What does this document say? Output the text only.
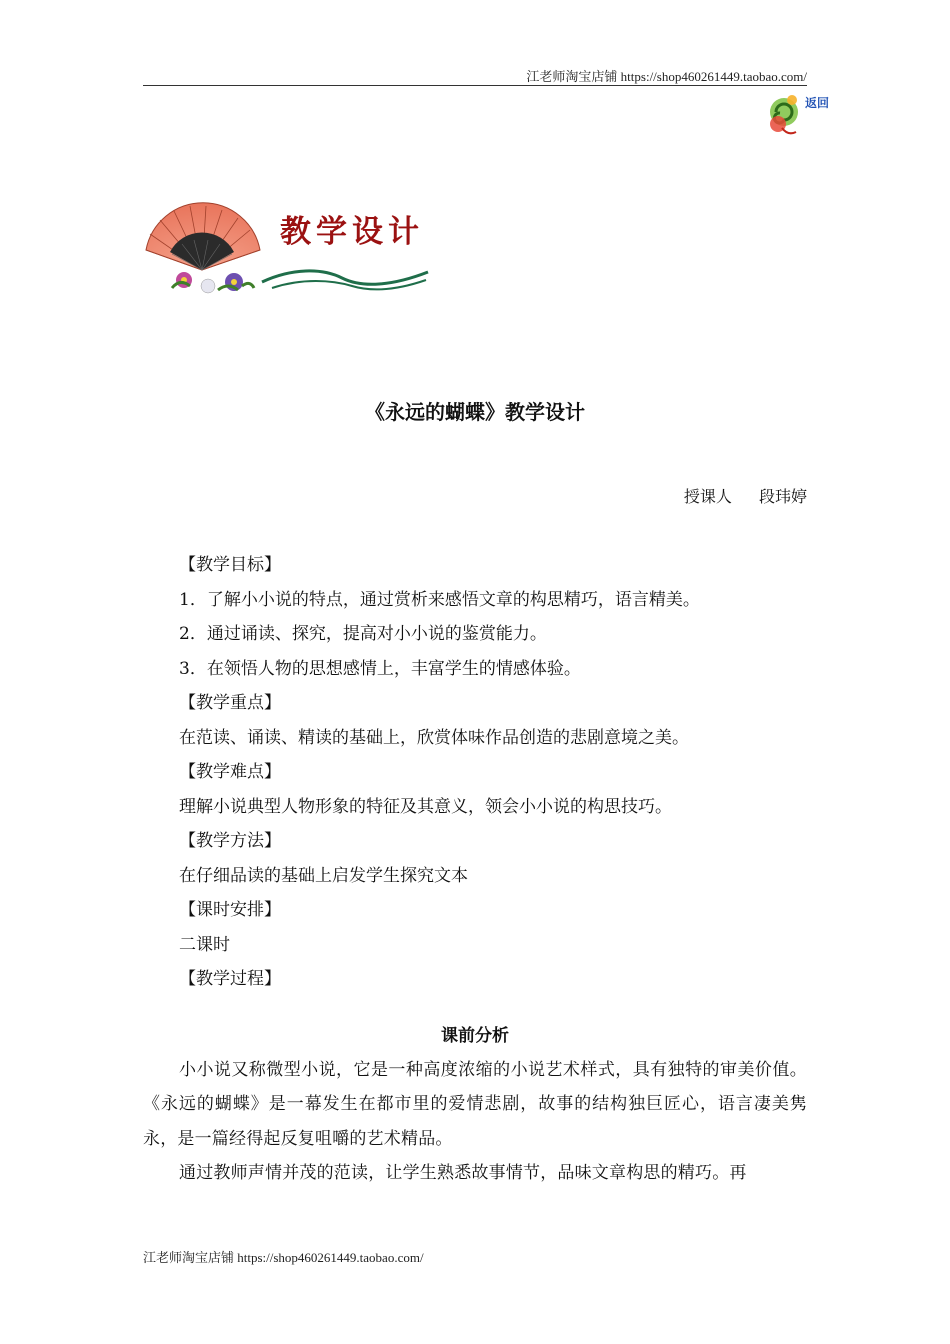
江老师淘宝店铺 https://shop460261449.taobao.com/
返回
教学设计
《永远的蝴蝶》教学设计
授课人 段玮婷
【教学目标】
1．了解小小说的特点，通过赏析来感悟文章的构思精巧，语言精美。
2．通过诵读、探究，提高对小小说的鉴赏能力。
3．在领悟人物的思想感情上，丰富学生的情感体验。
【教学重点】
在范读、诵读、精读的基础上，欣赏体味作品创造的悲剧意境之美。
【教学难点】
理解小说典型人物形象的特征及其意义，领会小小说的构思技巧。
【教学方法】
在仔细品读的基础上启发学生探究文本
【课时安排】
二课时
【教学过程】
课前分析
小小说又称微型小说，它是一种高度浓缩的小说艺术样式，具有独特的审美价值。《永远的蝴蝶》是一幕发生在都市里的爱情悲剧，故事的结构独巨匠心，语言凄美隽永，是一篇经得起反复咀嚼的艺术精品。
通过教师声情并茂的范读，让学生熟悉故事情节，品味文章构思的精巧。再
江老师淘宝店铺 https://shop460261449.taobao.com/
